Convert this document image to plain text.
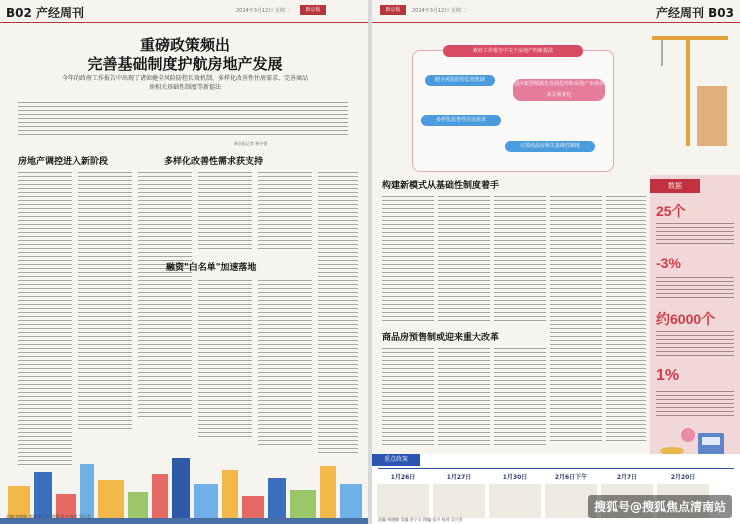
B02 产经周刊	2024年3月12日 星期二	新京报
重磅政策频出
完善基础制度护航房地产发展
今年的政府工作报告中出现了诸如健全风险防控长效机制、多样化改善性住房需求、完善商品房相关基础性制度等新提法
新京报记者 杨冬惜
房地产调控进入新阶段	多样化改善性需求获支持
融资"白名单"加速落地
责编 何晓敏 美编 余子丰 图编 张兴 校对 吴兴发
新京报	2024年3月12日 星期二	产经周刊 B03
政府工作报告中关于房地产的新提法
健全风险防控长效机制
适应新型城镇化发展趋势和房地产市场供求关系变化
多样化改善性住房需求
完善商品房相关基础性制度
构建新模式从基础性制度着手
商品房预售制或迎来重大改革
数据
25个
-3%
约6000个
1%
重点政策
1月26日	1月27日	1月30日	2月6日下午	2月7日	2月20日
责编 何晓敏 美编 余子丰 图编 张兴 校对 吴兴发
搜狐号@搜狐焦点清南站
